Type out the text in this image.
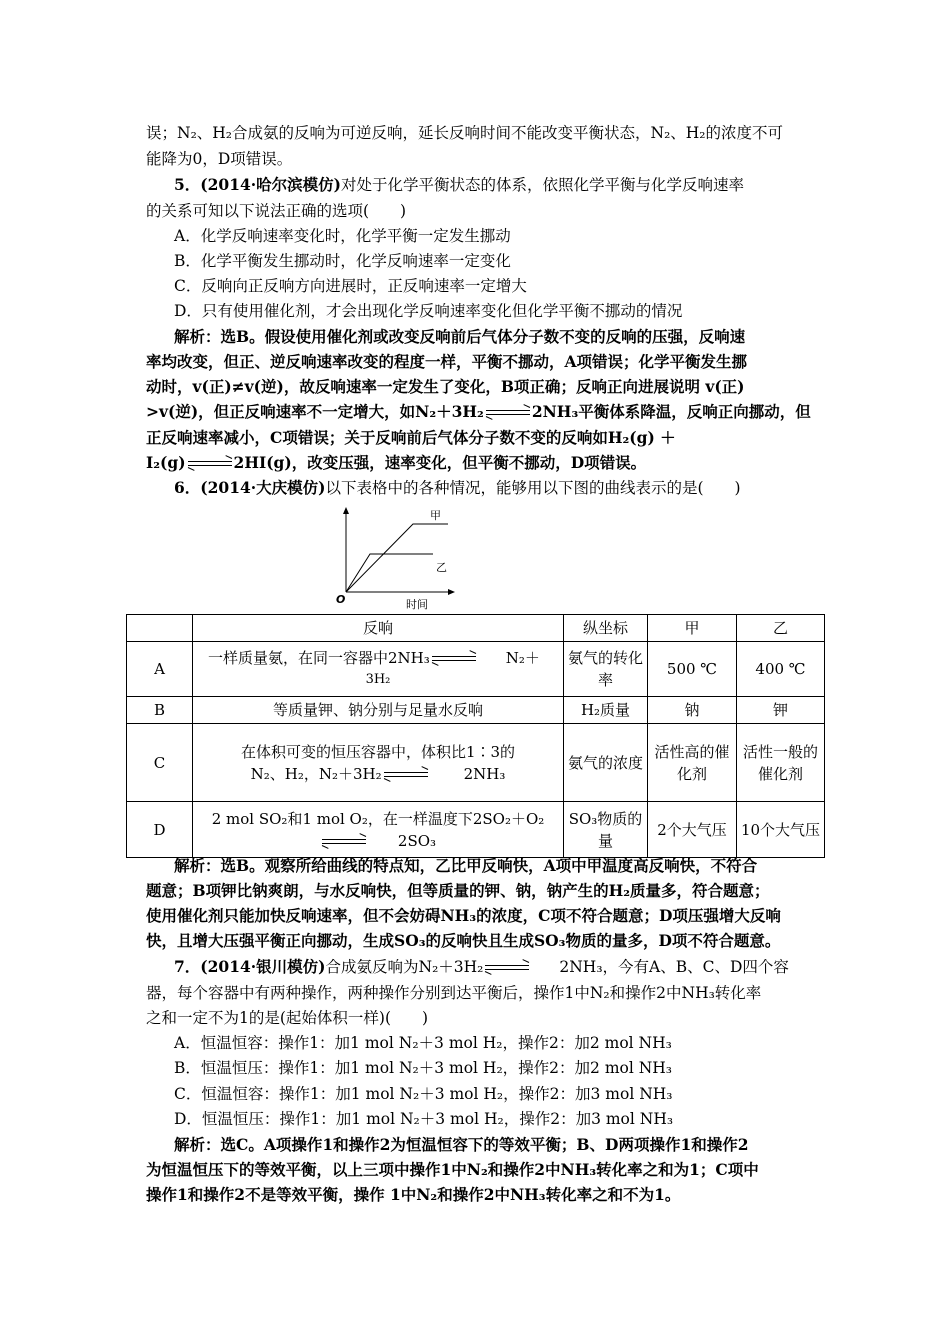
误；N₂、H₂合成氨的反响为可逆反响，延长反响时间不能改变平衡状态，N₂、H₂的浓度不可
能降为0，D项错误。
5．(2014·哈尔滨模仿)对处于化学平衡状态的体系，依照化学平衡与化学反响速率
的关系可知以下说法正确的选项(　　)
A．化学反响速率变化时，化学平衡一定发生挪动
B．化学平衡发生挪动时，化学反响速率一定变化
C．反响向正反响方向进展时，正反响速率一定增大
D．只有使用催化剂，才会出现化学反响速率变化但化学平衡不挪动的情况
解析：选B。假设使用催化剂或改变反响前后气体分子数不变的反响的压强，反响速
率均改变，但正、逆反响速率改变的程度一样，平衡不挪动，A项错误；化学平衡发生挪
动时，v(正)≠v(逆)，故反响速率一定发生了变化，B项正确；反响正向进展说明 v(正)
>v(逆)，但正反响速率不一定增大，如N₂＋3H₂	2NH₃平衡体系降温，反响正向挪动，但
正反响速率减小，C项错误；关于反响前后气体分子数不变的反响如H₂(g) ＋
I₂(g)	2HI(g)，改变压强，速率变化，但平衡不挪动，D项错误。
6．(2014·大庆模仿)以下表格中的各种情况，能够用以下图的曲线表示的是(　　)
甲
乙
O	时间
	反响	纵坐标	甲	乙
A	一样质量氨，在同一容器中2NH₃ N₂＋
3H₂	氨气的转化率	500 ℃	400 ℃
B	等质量钾、钠分别与足量水反响	H₂质量	钠	钾
C	在体积可变的恒压容器中，体积比1∶3的
N₂、H₂，N₂＋3H₂ 2NH₃	氨气的浓度	活性高的催化剂	活性一般的催化剂
D	2 mol SO₂和1 mol O₂，在一样温度下2SO₂＋O₂
2SO₃	SO₃物质的量	2个大气压	10个大气压
解析：选B。观察所给曲线的特点知，乙比甲反响快，A项中甲温度高反响快，不符合
题意；B项钾比钠爽朗，与水反响快，但等质量的钾、钠，钠产生的H₂质量多，符合题意；
使用催化剂只能加快反响速率，但不会妨碍NH₃的浓度，C项不符合题意；D项压强增大反响
快，且增大压强平衡正向挪动，生成SO₃的反响快且生成SO₃物质的量多，D项不符合题意。
7．(2014·银川模仿)合成氨反响为N₂＋3H₂	2NH₃，今有A、B、C、D四个容
器，每个容器中有两种操作，两种操作分别到达平衡后，操作1中N₂和操作2中NH₃转化率
之和一定不为1的是(起始体积一样)(　　)
A．恒温恒容：操作1：加1 mol N₂＋3 mol H₂，操作2：加2 mol NH₃
B．恒温恒压：操作1：加1 mol N₂＋3 mol H₂，操作2：加2 mol NH₃
C．恒温恒容：操作1：加1 mol N₂＋3 mol H₂，操作2：加3 mol NH₃
D．恒温恒压：操作1：加1 mol N₂＋3 mol H₂，操作2：加3 mol NH₃
解析：选C。A项操作1和操作2为恒温恒容下的等效平衡；B、D两项操作1和操作2
为恒温恒压下的等效平衡，以上三项中操作1中N₂和操作2中NH₃转化率之和为1；C项中
操作1和操作2不是等效平衡，操作 1中N₂和操作2中NH₃转化率之和不为1。
